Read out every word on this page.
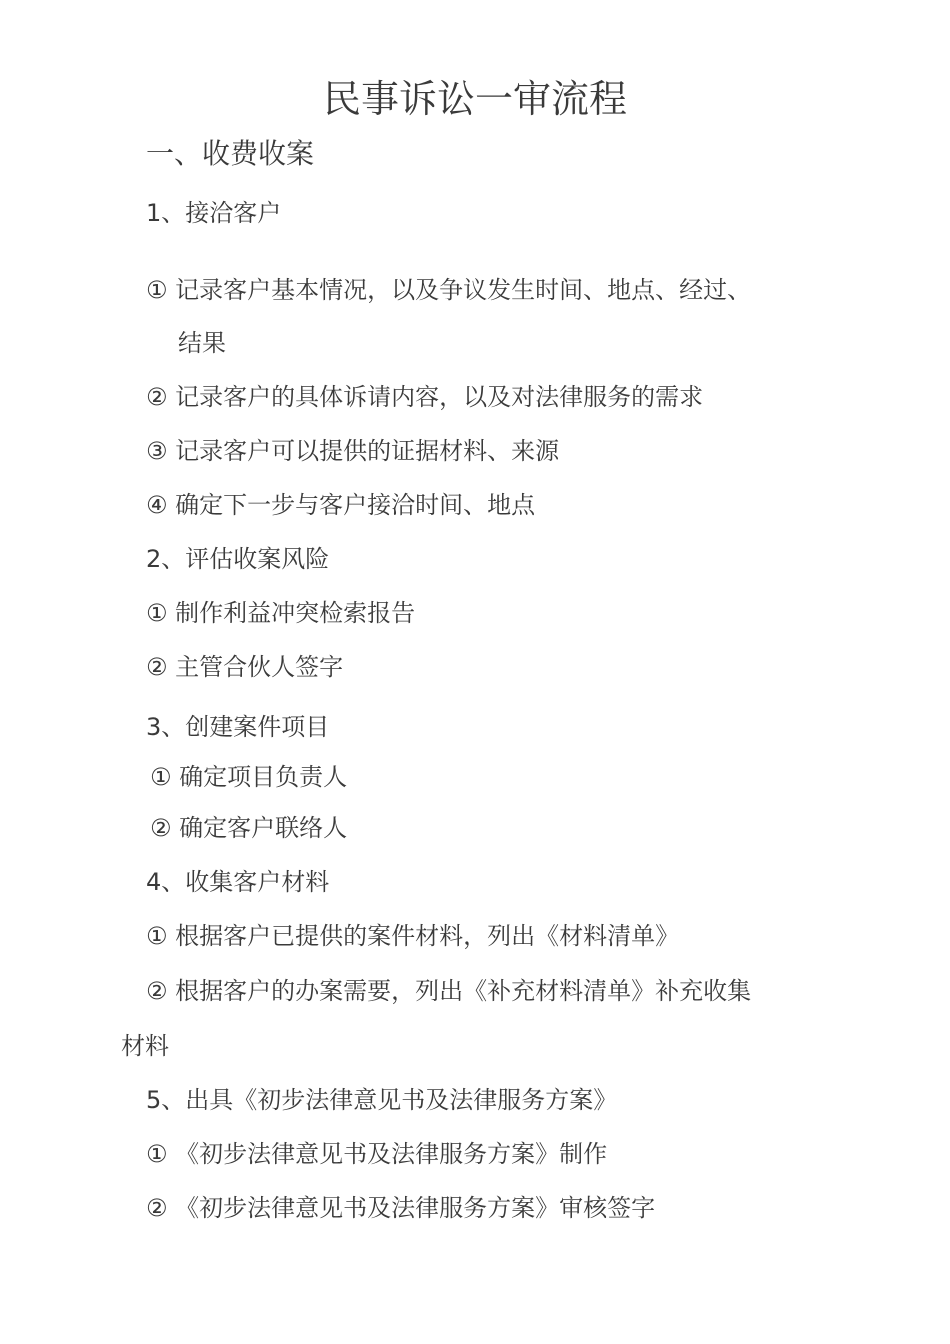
民事诉讼一审流程
一、收费收案
1、接洽客户
① 记录客户基本情况，以及争议发生时间、地点、经过、
结果
② 记录客户的具体诉请内容，以及对法律服务的需求
③ 记录客户可以提供的证据材料、来源
④ 确定下一步与客户接洽时间、地点
2、评估收案风险
① 制作利益冲突检索报告
② 主管合伙人签字
3、创建案件项目
① 确定项目负责人
② 确定客户联络人
4、收集客户材料
① 根据客户已提供的案件材料，列出《材料清单》
② 根据客户的办案需要，列出《补充材料清单》补充收集
材料
5、出具《初步法律意见书及法律服务方案》
① 《初步法律意见书及法律服务方案》制作
② 《初步法律意见书及法律服务方案》审核签字
